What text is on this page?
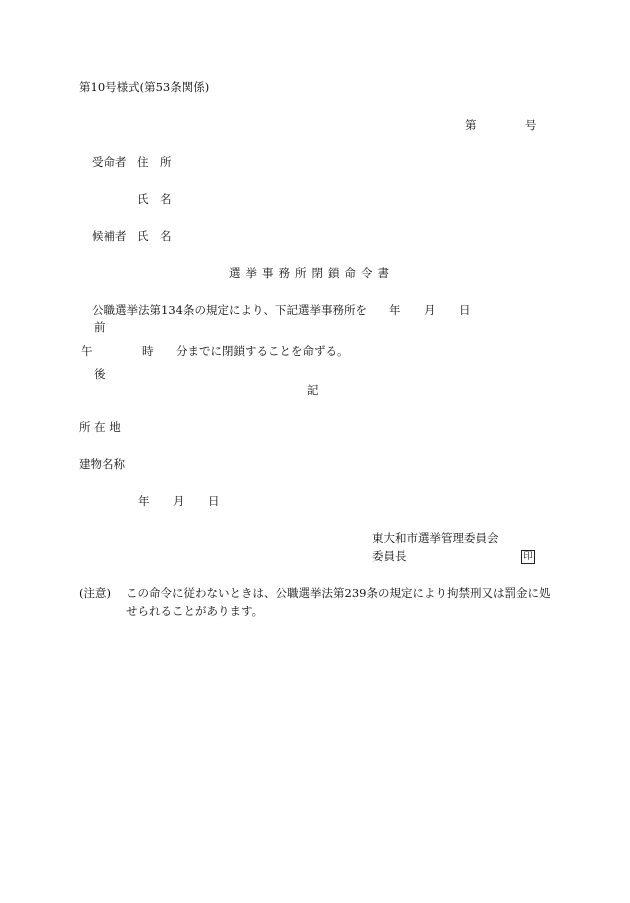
第10号様式(第53条関係)
第	号
受命者 住　所
氏　名
候補者 氏　名
選挙事務所閉鎖命令書
公職選挙法第134条の規定により、下記選挙事務所を 年 月 日
前
午	時 分までに閉鎖することを命ずる。
後
記
所 在 地
建物名称
年 月 日
東大和市選挙管理委員会
委員長	印
(注意) この命令に従わないときは、公職選挙法第239条の規定により拘禁刑又は罰金に処
せられることがあります。
